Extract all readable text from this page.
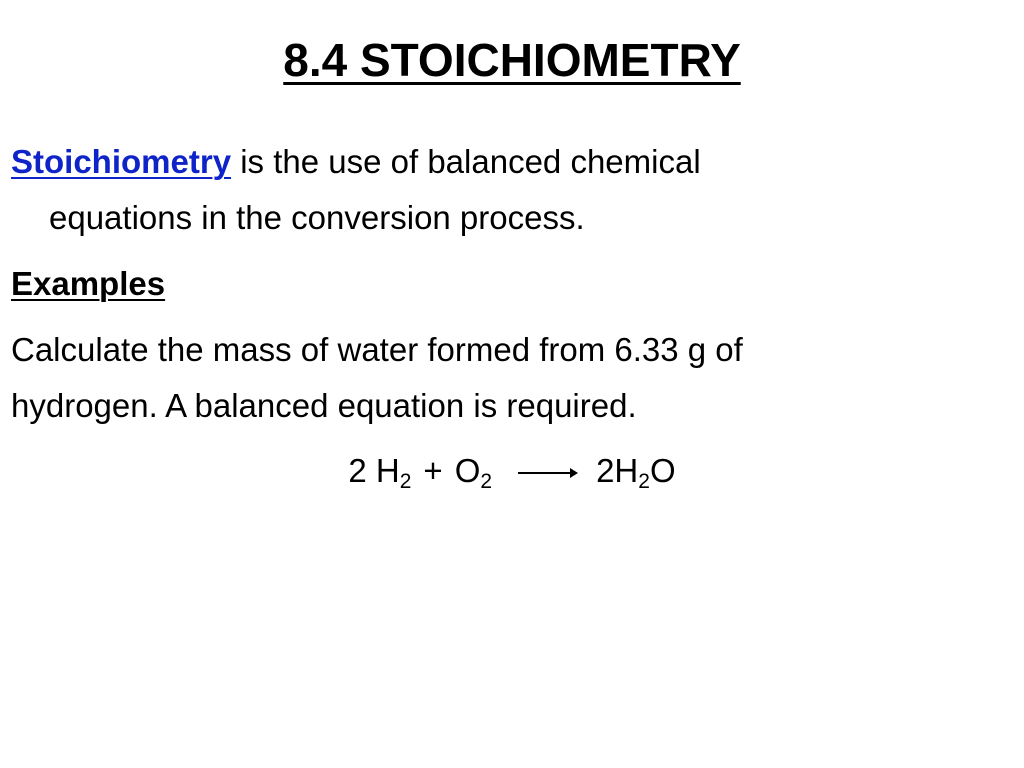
8.4 STOICHIOMETRY
Stoichiometry is the use of balanced chemical
equations in the conversion process.
Examples
Calculate the mass of water formed from 6.33 g of
hydrogen. A balanced equation is required.
2 $H_2 + O_2$	$2H_2O$
